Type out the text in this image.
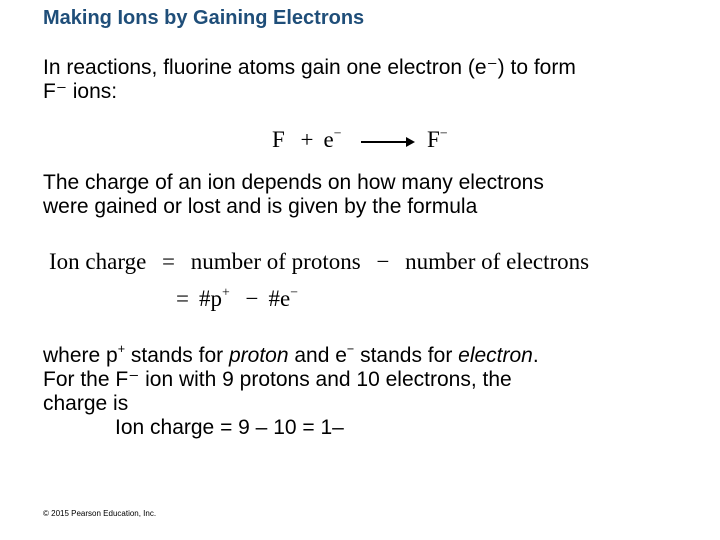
Making Ions by Gaining Electrons
In reactions, fluorine atoms gain one electron (e⁻) to form
F⁻ ions:
F + e− → F−
The charge of an ion depends on how many electrons
were gained or lost and is given by the formula
Ion charge = number of protons − number of electrons
= #p+ − #e−
where p+ stands for proton and e− stands for electron.
For the F⁻ ion with 9 protons and 10 electrons, the
charge is

Ion charge = 9 – 10 = 1–
© 2015 Pearson Education, Inc.
